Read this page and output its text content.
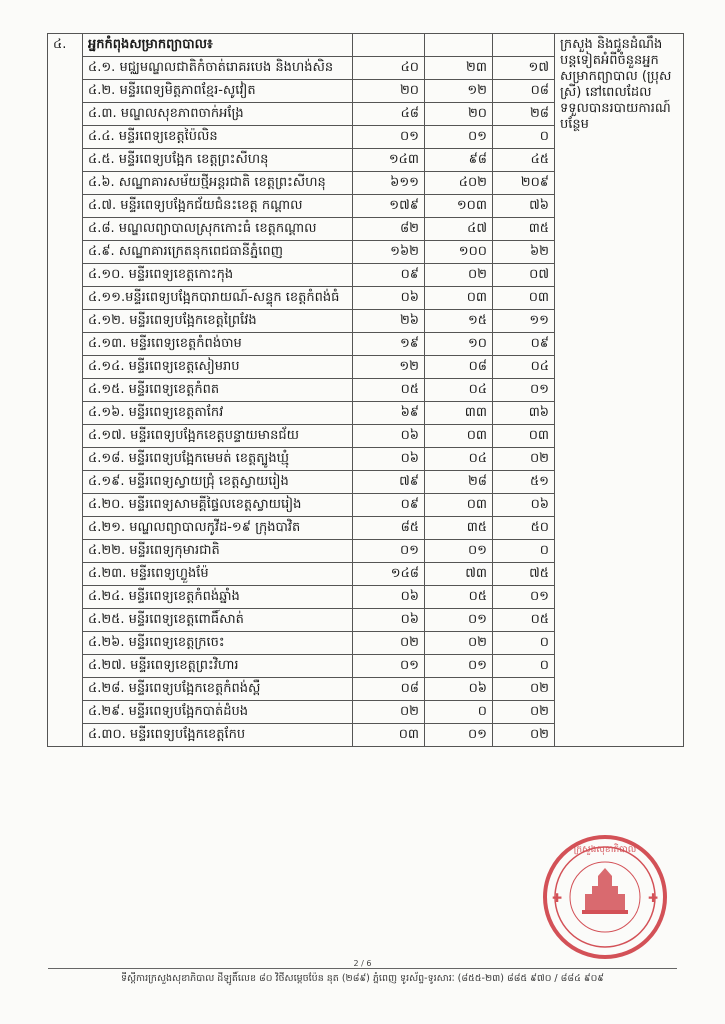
៤.	អ្នកកំពុងសម្រាកព្យាបាល៖				ក្រសួង និងជូនដំណឹងបន្តទៀតអំពីចំនួនអ្នកសម្រាកព្យាបាល (ប្រុស ស្រី) នៅពេលដែលទទួលបានរបាយការណ៍បន្ថែម
	៤.១. មជ្ឈមណ្ឌលជាតិកំចាត់រោគរបេង និងហង់សិន	៤០	២៣	១៧	
	៤.២. មន្ទីរពេទ្យមិត្តភាពខ្មែរ-សូវៀត	២០	១២	០៨	
	៤.៣. មណ្ឌលសុខភាពចាក់អង្រែ	៤៨	២០	២៨	
	៤.៤. មន្ទីរពេទ្យខេត្តប៉ៃលិន	០១	០១	០	
	៤.៥. មន្ទីរពេទ្យបង្អែក ខេត្តព្រះសីហនុ	១៤៣	៩៨	៤៥	
	៤.៦. សណ្ឋាគារសម័យថ្មីអន្តរជាតិ ខេត្តព្រះសីហនុ	៦១១	៤០២	២០៩	
	៤.៧. មន្ទីរពេទ្យបង្អែកជ័យជំនះខេត្ត កណ្តាល	១៧៩	១០៣	៧៦	
	៤.៨. មណ្ឌលព្យាបាលស្រុកកោះធំ ខេត្តកណ្តាល	៨២	៤៧	៣៥	
	៤.៩. សណ្ឋាគារក្រេតនុកពេជធានីភ្នំពេញ	១៦២	១០០	៦២	
	៤.១០. មន្ទីរពេទ្យខេត្តកោះកុង	០៩	០២	០៧	
	៤.១១.មន្ទីរពេទ្យបង្អែកបារាយណ៍-សន្ទុក ខេត្តកំពង់ធំ	០៦	០៣	០៣	
	៤.១២. មន្ទីរពេទ្យបង្អែកខេត្តព្រៃវែង	២៦	១៥	១១	
	៤.១៣. មន្ទីរពេទ្យខេត្តកំពង់ចាម	១៩	១០	០៩	
	៤.១៤. មន្ទីរពេទ្យខេត្តសៀមរាប	១២	០៨	០៤	
	៤.១៥. មន្ទីរពេទ្យខេត្តកំពត	០៥	០៤	០១	
	៤.១៦. មន្ទីរពេទ្យខេត្តតាកែវ	៦៩	៣៣	៣៦	
	៤.១៧. មន្ទីរពេទ្យបង្អែកខេត្តបន្ទាយមានជ័យ	០៦	០៣	០៣	
	៤.១៨. មន្ទីរពេទ្យបង្អែកមេមត់ ខេត្តត្បូងឃ្មុំ	០៦	០៤	០២	
	៤.១៩. មន្ទីរពេទ្យស្វាយជ្រុំ ខេត្តស្វាយរៀង	៧៩	២៨	៥១	
	៤.២០. មន្ទីរពេទ្យសាមគ្គីផ្ទៃលខេត្តស្វាយរៀង	០៩	០៣	០៦	
	៤.២១. មណ្ឌលព្យាបាលកូវីដ-១៩ ក្រុងបាវិត	៨៥	៣៥	៥០	
	៤.២២. មន្ទីរពេទ្យកុមារជាតិ	០១	០១	០	
	៤.២៣. មន្ទីរពេទ្យហ្លួងម៉ែ	១៤៨	៧៣	៧៥	
	៤.២៤. មន្ទីរពេទ្យខេត្តកំពង់ឆ្នាំង	០៦	០៥	០១	
	៤.២៥. មន្ទីរពេទ្យខេត្តពោធិ៍សាត់	០៦	០១	០៥	
	៤.២៦. មន្ទីរពេទ្យខេត្តក្រចេះ	០២	០២	០	
	៤.២៧. មន្ទីរពេទ្យខេត្តព្រះវិហារ	០១	០១	០	
	៤.២៨. មន្ទីរពេទ្យបង្អែកខេត្តកំពង់ស្ពឺ	០៨	០៦	០២	
	៤.២៩. មន្ទីរពេទ្យបង្អែកបាត់ដំបង	០២	០	០២	
	៤.៣០. មន្ទីរពេទ្យបង្អែកខេត្តកែប	០៣	០១	០២	
ក្រសួងសុខាភិបាល
✚	✚
2 / 6
ទីស្តីការក្រសួងសុខាភិបាល ដីឡូតិ៍លេខ ៨០ វិថីសម្តេចប៉ែន នុត (២៨៩) ភ្នំពេញ ទូរស័ព្ទ-ទូរសារៈ (៨៥៥-២៣) ៨៨៥ ៩៧០ / ៨៨៤ ៩០៩
